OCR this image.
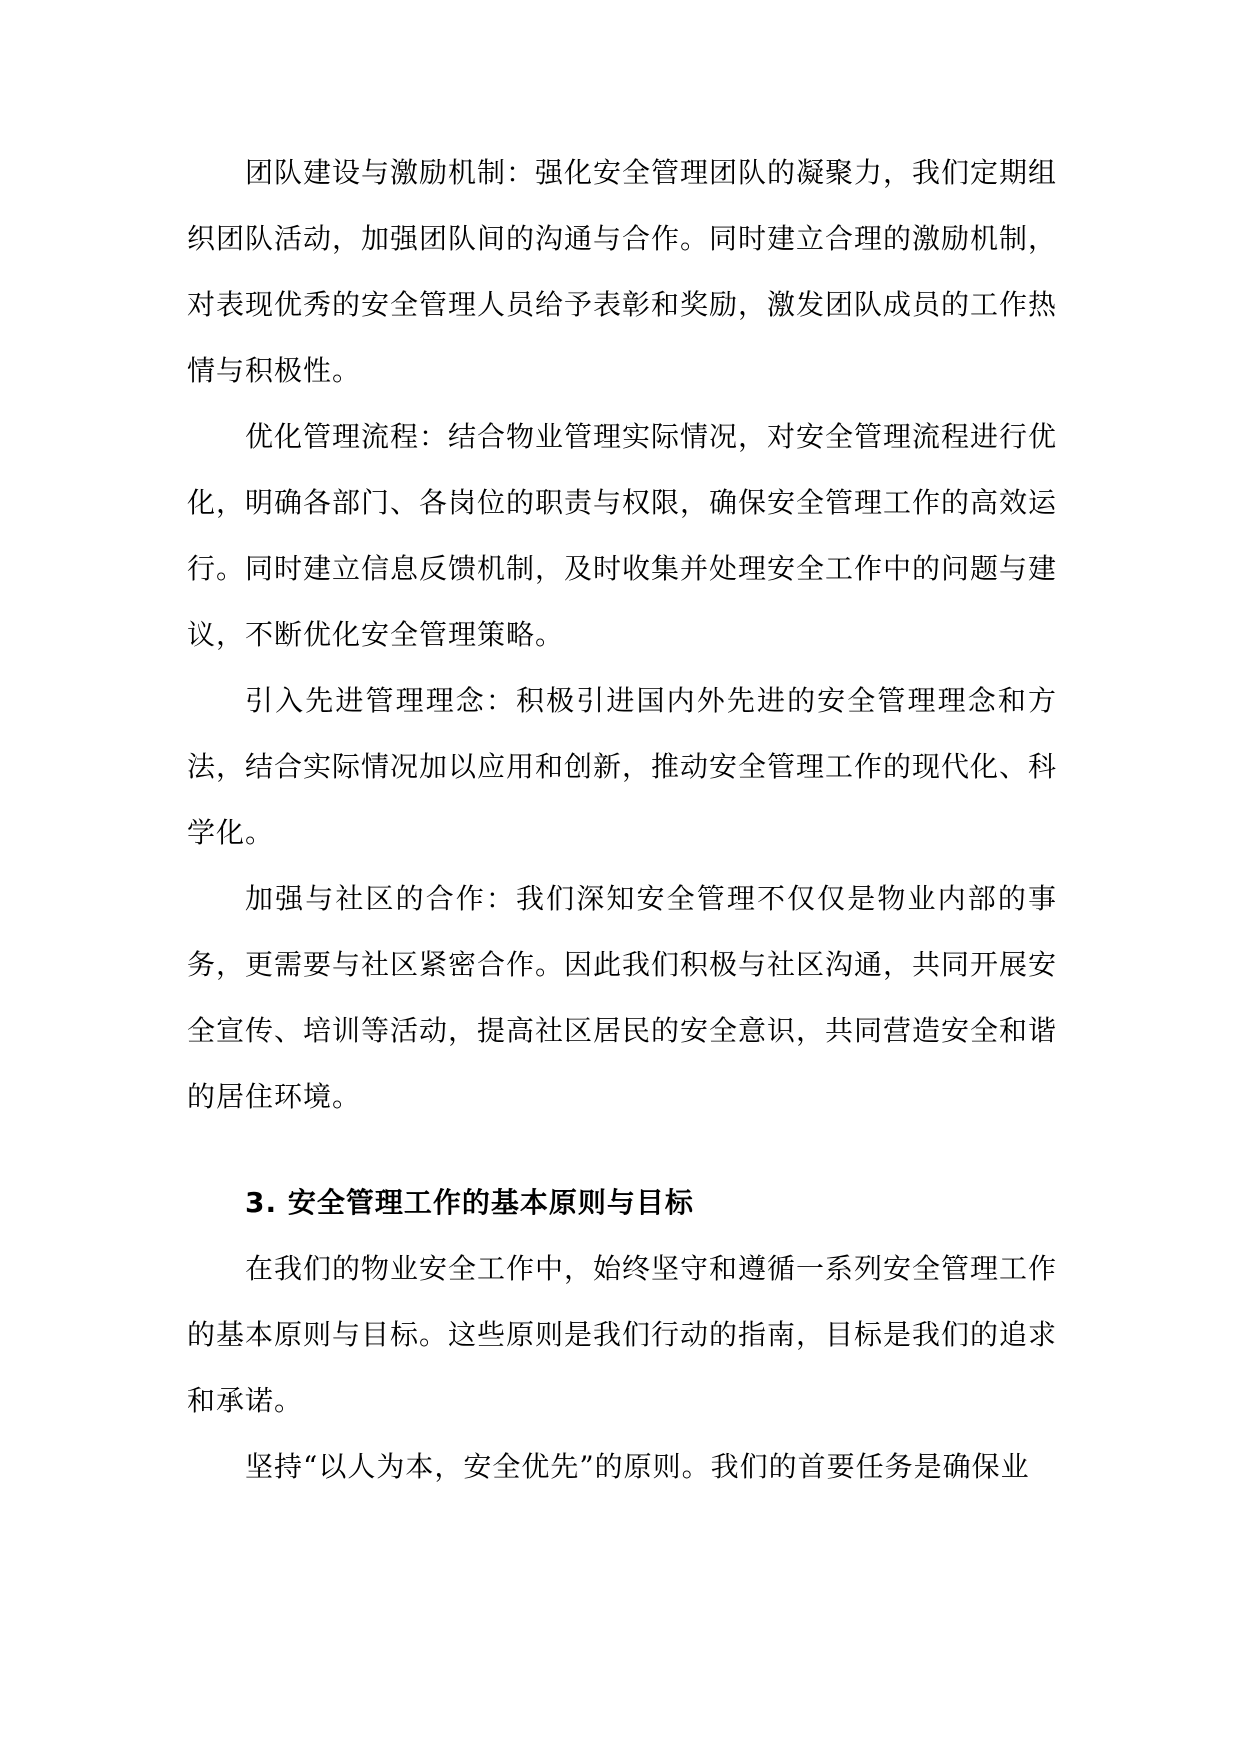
团队建设与激励机制：强化安全管理团队的凝聚力，我们定期组织团队活动，加强团队间的沟通与合作。同时建立合理的激励机制，对表现优秀的安全管理人员给予表彰和奖励，激发团队成员的工作热情与积极性。

优化管理流程：结合物业管理实际情况，对安全管理流程进行优化，明确各部门、各岗位的职责与权限，确保安全管理工作的高效运行。同时建立信息反馈机制，及时收集并处理安全工作中的问题与建议，不断优化安全管理策略。

引入先进管理理念：积极引进国内外先进的安全管理理念和方法，结合实际情况加以应用和创新，推动安全管理工作的现代化、科学化。

加强与社区的合作：我们深知安全管理不仅仅是物业内部的事务，更需要与社区紧密合作。因此我们积极与社区沟通，共同开展安全宣传、培训等活动，提高社区居民的安全意识，共同营造安全和谐的居住环境。

3. 安全管理工作的基本原则与目标

在我们的物业安全工作中，始终坚守和遵循一系列安全管理工作的基本原则与目标。这些原则是我们行动的指南，目标是我们的追求和承诺。

坚持“以人为本，安全优先”的原则。我们的首要任务是确保业
